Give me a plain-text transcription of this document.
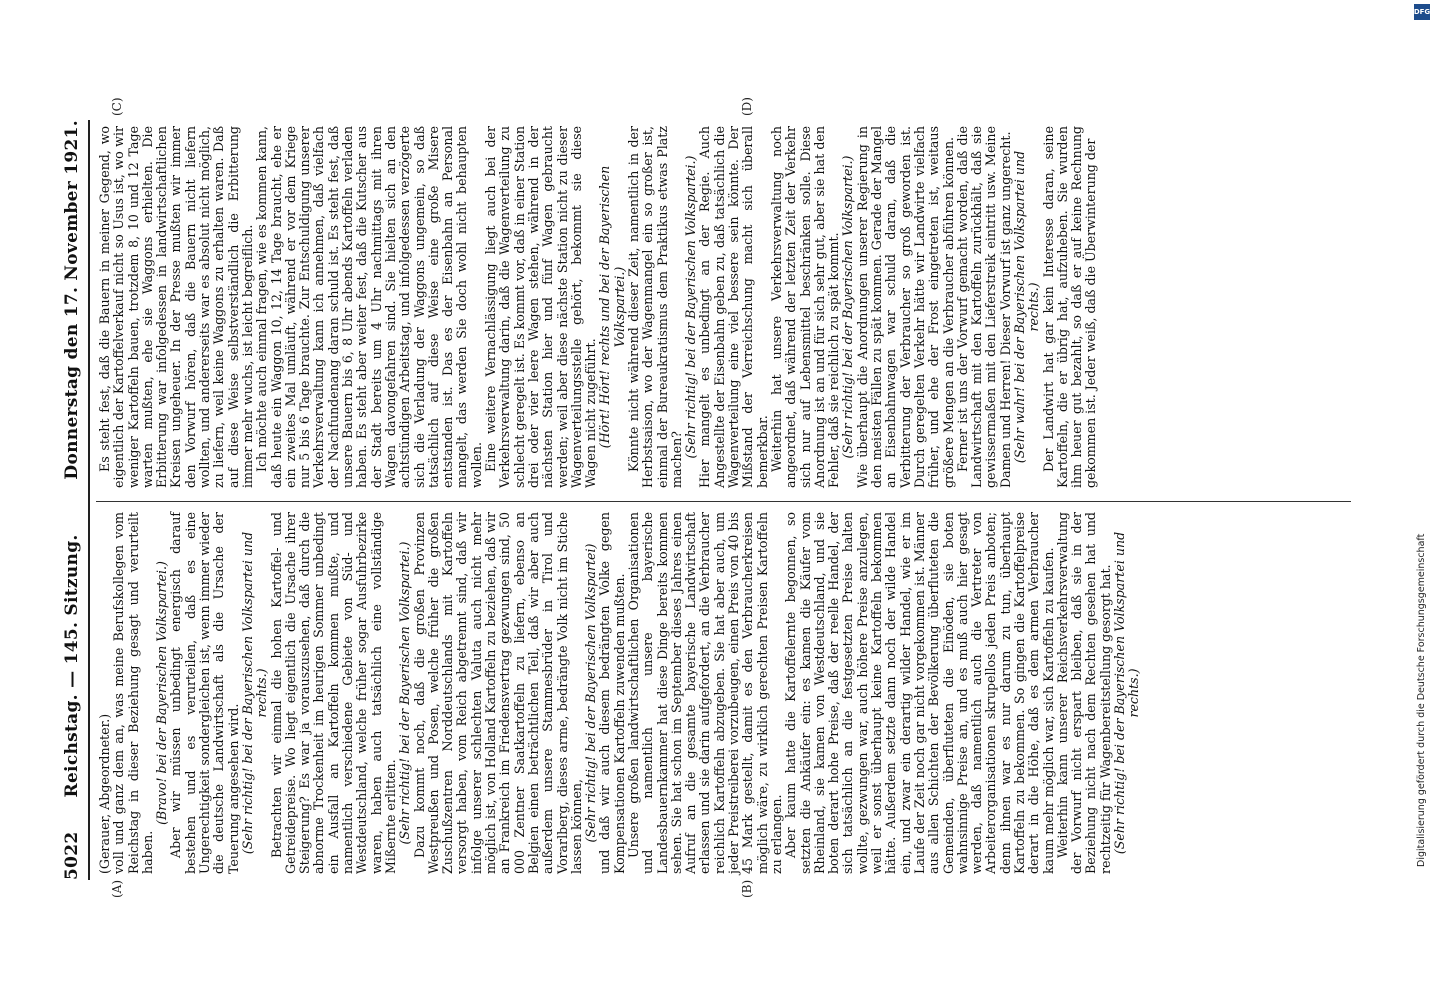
5022
Reichstag. — 145. Sitzung.
Donnerstag den 17. November 1921.
(A)	(B)
(C)	(D)

(Gerauer, Abgeordneter.) voll und ganz dem an, was meine Berufskollegen vom Reichstag in dieser Beziehung gesagt und verurteilt haben.

(Bravo! bei der Bayerischen Volkspartei.) Aber wir müssen unbedingt energisch darauf bestehen und es verurteilen, daß es eine Ungerechtigkeit sondergleichen ist, wenn immer wieder die deutsche Landwirtschaft als die Ursache der Teuerung angesehen wird. (Sehr richtig! bei der Bayerischen Volkspartei und rechts.) Betrachten wir einmal die hohen Kartoffel- und Getreidepreise. Wo liegt eigentlich die Ursache ihrer Steigerung? Es war ja vorauszusehen, daß durch die abnorme Trockenheit im heurigen Sommer unbedingt ein Ausfall an Kartoffeln kommen mußte, und namentlich verschiedene Gebiete von Süd- und Westdeutschland, welche früher sogar Ausfuhrbezirke waren, haben auch tatsächlich eine vollständige Mißernte erlitten. (Sehr richtig! bei der Bayerischen Volkspartei.) Dazu kommt noch, daß die großen Provinzen Westpreußen und Posen, welche früher die großen Zuschußzentren Norddeutschlands mit Kartoffeln versorgt haben, vom Reich abgetrennt sind, daß wir infolge unserer schlechten Valuta auch nicht mehr möglich ist, von Holland Kartoffeln zu beziehen, daß wir an Frankreich im Friedensvertrag gezwungen sind, 50 000 Zentner Saatkartoffeln zu liefern, ebenso an Belgien einen beträchtlichen Teil, daß wir aber auch außerdem unsere Stammesbrüder in Tirol und Vorarlberg, dieses arme, bedrängte Volk nicht im Stiche lassen können, (Sehr richtig! bei der Bayerischen Volkspartei) und daß wir auch diesem bedrängten Volke gegen Kompensationen Kartoffeln zuwenden mußten. Unsere großen landwirtschaftlichen Organisationen und namentlich unsere bayerische Landesbauernkammer hat diese Dinge bereits kommen sehen. Sie hat schon im September dieses Jahres einen Aufruf an die gesamte bayerische Landwirtschaft erlassen und sie darin aufgefordert, an die Verbraucher reichlich Kartoffeln abzugeben. Sie hat aber auch, um jeder Preistreiberei vorzubeugen, einen Preis von 40 bis 45 Mark gestellt, damit es den Verbraucherkreisen möglich wäre, zu wirklich gerechten Preisen Kartoffeln zu erlangen. Aber kaum hatte die Kartoffelernte begonnen, so setzten die Ankäufer ein: es kamen die Käufer vom Rheinland, sie kamen von Westdeutschland, und sie boten derart hohe Preise, daß der reelle Handel, der sich tatsächlich an die festgesetzten Preise halten wollte, gezwungen war, auch höhere Preise anzulegen, weil er sonst überhaupt keine Kartoffeln bekommen hätte. Außerdem setzte dann noch der wilde Handel ein, und zwar ein derartig wilder Handel, wie er im Laufe der Zeit noch gar nicht vorgekommen ist. Männer aus allen Schichten der Bevölkerung überfluteten die Gemeinden, überfluteten die Einöden, sie boten wahnsinnige Preise an, und es muß auch hier gesagt werden, daß namentlich auch die Vertreter von Arbeiterorganisationen skrupellos jeden Preis anboten; denn ihnen war es nur darum zu tun, überhaupt Kartoffeln zu bekommen. So gingen die Kartoffelpreise derart in die Höhe, daß es dem armen Verbraucher kaum mehr möglich war, sich Kartoffeln zu kaufen. Weiterhin kann unserer Reichsverkehrsverwaltung der Vorwurf nicht erspart bleiben, daß sie in der Beziehung nicht nach dem Rechten gesehen hat und rechtzeitig für Wagenbereitstellung gesorgt hat. (Sehr richtig! bei der Bayerischen Volkspartei und rechts.)

Es steht fest, daß die Bauern in meiner Gegend, wo eigentlich der Kartoffelverkauf nicht so Usus ist, wo wir weniger Kartoffeln bauen, trotzdem 8, 10 und 12 Tage warten mußten, ehe sie Waggons erhielten. Die Erbitterung war infolgedessen in landwirtschaftlichen Kreisen ungeheuer. In der Presse mußten wir immer den Vorwurf hören, daß die Bauern nicht liefern wollten, und andererseits war es absolut nicht möglich, zu liefern, weil keine Waggons zu erhalten waren. Daß auf diese Weise selbstverständlich die Erbitterung immer mehr wuchs, ist leicht begreiflich. Ich möchte auch einmal fragen, wie es kommen kann, daß heute ein Waggon 10, 12, 14 Tage braucht, ehe er ein zweites Mal umläuft, während er vor dem Kriege nur 5 bis 6 Tage brauchte. Zur Entschuldigung unserer Verkehrsverwaltung kann ich annehmen, daß vielfach der Nachfundenang daran schuld ist. Es steht fest, daß unsere Bauern bis 6, 8 Uhr abends Kartoffeln verladen haben. Es steht aber weiter fest, daß die Kutscher aus der Stadt bereits um 4 Uhr nachmittags mit ihren Wagen davongefahren sind. Sie hielten sich an den achtstündigen Arbeitstag, und infolgedessen verzögerte sich die Verladung der Waggons ungemein, so daß tatsächlich auf diese Weise eine große Misere entstanden ist. Das es der Eisenbahn an Personal mangelt, das werden Sie doch wohl nicht behaupten wollen. Eine weitere Vernachlässigung liegt auch bei der Verkehrsverwaltung darin, daß die Wagenverteilung zu schlecht geregelt ist. Es kommt vor, daß in einer Station drei oder vier leere Wagen stehen, während in der nächsten Station hier und fünf Wagen gebraucht werden; weil aber diese nächste Station nicht zu dieser Wagenverteilungsstelle gehört, bekommt sie diese Wagen nicht zugeführt. (Hört! Hört! rechts und bei der Bayerischen Volkspartei.) Könnte nicht während dieser Zeit, namentlich in der Herbstsaison, wo der Wagenmangel ein so großer ist, einmal der Bureaukratismus dem Praktikus etwas Platz machen?

(Sehr richtig! bei der Bayerischen Volkspartei.) Hier mangelt es unbedingt an der Regie. Auch Angestellte der Eisenbahn geben zu, daß tatsächlich die Wagenverteilung eine viel bessere sein könnte. Der Mißstand der Verreichschung macht sich überall bemerkbar. Weiterhin hat unsere Verkehrsverwaltung noch angeordnet, daß während der letzten Zeit der Verkehr sich nur auf Lebensmittel beschränken solle. Diese Anordnung ist an und für sich sehr gut, aber sie hat den Fehler, daß sie reichlich zu spät kommt. (Sehr richtig! bei der Bayerischen Volkspartei.) Wie überhaupt die Anordnungen unserer Regierung in den meisten Fällen zu spät kommen. Gerade der Mangel an Eisenbahnwagen war schuld daran, daß die Verbitterung der Verbraucher so groß geworden ist. Durch geregelten Verkehr hätte wir Landwirte vielfach früher, und ehe der Frost eingetreten ist, weitaus größere Mengen an die Verbraucher abführen können. Ferner ist uns der Vorwurf gemacht worden, daß die Landwirtschaft mit den Kartoffeln zurückhält, daß sie gewissermaßen mit den Lieferstreik eintritt usw. Meine Damen und Herren! Dieser Vorwurf ist ganz ungerecht. (Sehr wahr! bei der Bayerischen Volkspartei und rechts.) Der Landwirt hat gar kein Interesse daran, seine Kartoffeln, die er übrig hat, aufzuheben. Sie wurden ihm heuer gut bezahlt, so daß er auf keine Rechnung gekommen ist. Jeder weiß, daß die Überwinterung der

Digitalisierung gefördert durch die Deutsche Forschungsgemeinschaft
DFG
